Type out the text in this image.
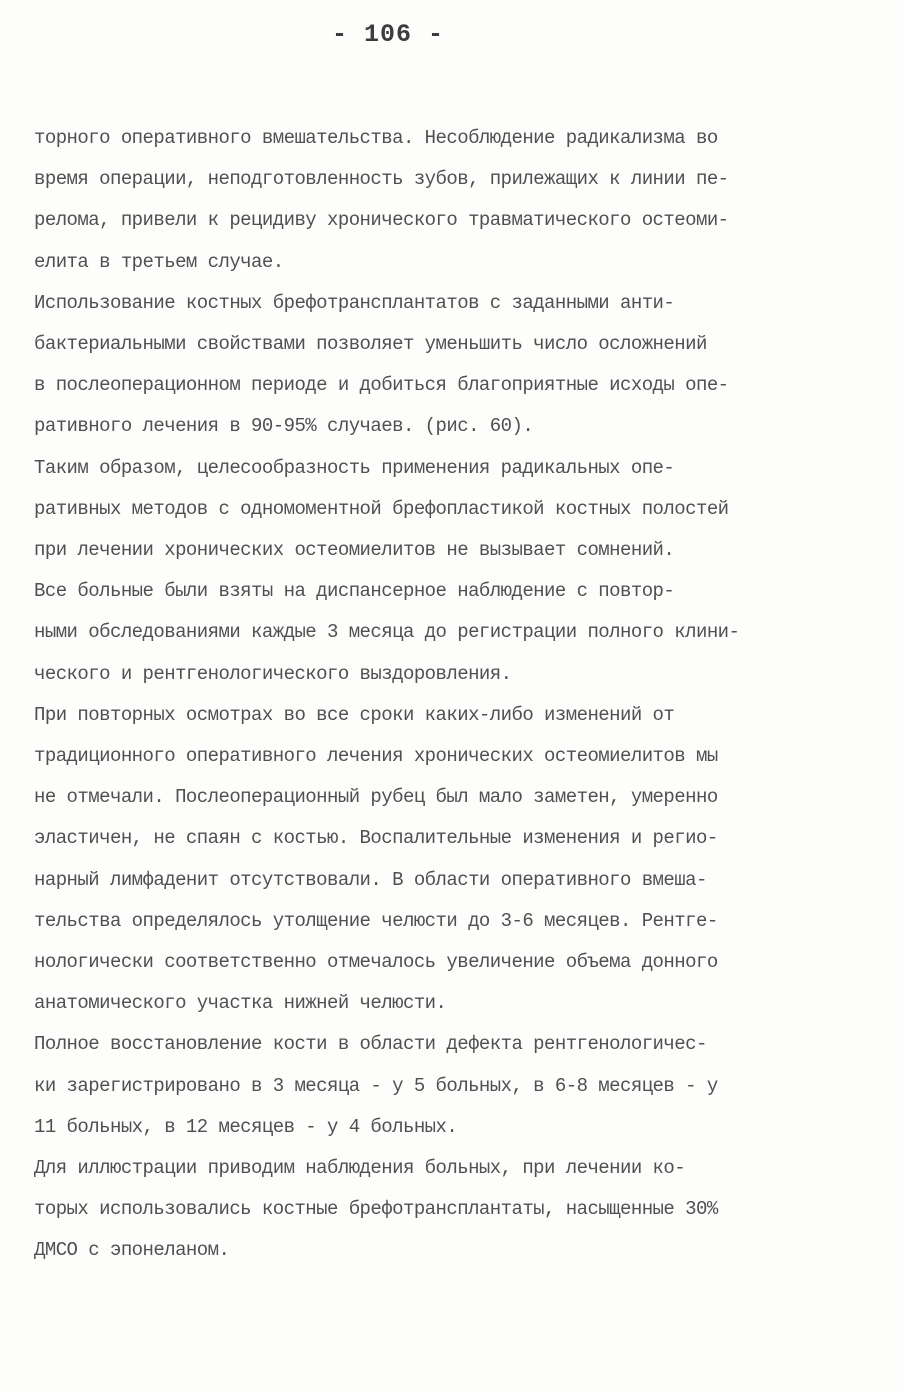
- 106 -

торного оперативного вмешательства. Несоблюдение радикализма во
время операции, неподготовленность зубов, прилежащих к линии пе-
релома, привели к рецидиву хронического травматического остеоми-
елита в третьем случае.

Использование костных брефотрансплантатов с заданными анти-
бактериальными свойствами позволяет уменьшить число осложнений
в послеоперационном периоде и добиться благоприятные исходы опе-
ративного лечения в 90-95% случаев. (рис. 60).

Таким образом, целесообразность применения радикальных опе-
ративных методов с одномоментной брефопластикой костных полостей
при лечении хронических остеомиелитов не вызывает сомнений.

Все больные были взяты на диспансерное наблюдение с повтор-
ными обследованиями каждые 3 месяца до регистрации полного клини-
ческого и рентгенологического выздоровления.

При повторных осмотрах во все сроки каких-либо изменений от
традиционного оперативного лечения хронических остеомиелитов мы
не отмечали. Послеоперационный рубец был мало заметен, умеренно
эластичен, не спаян с костью. Воспалительные изменения и регио-
нарный лимфаденит отсутствовали. В области оперативного вмеша-
тельства определялось утолщение челюсти до 3-6 месяцев. Рентге-
нологически соответственно отмечалось увеличение объема донного
анатомического участка нижней челюсти.

Полное восстановление кости в области дефекта рентгенологичес-
ки зарегистрировано в 3 месяца - у 5 больных, в 6-8 месяцев - у
11 больных, в 12 месяцев - у 4 больных.

Для иллюстрации приводим наблюдения больных, при лечении ко-
торых использовались костные брефотрансплантаты, насыщенные 30%
ДМСО с эпонеланом.
